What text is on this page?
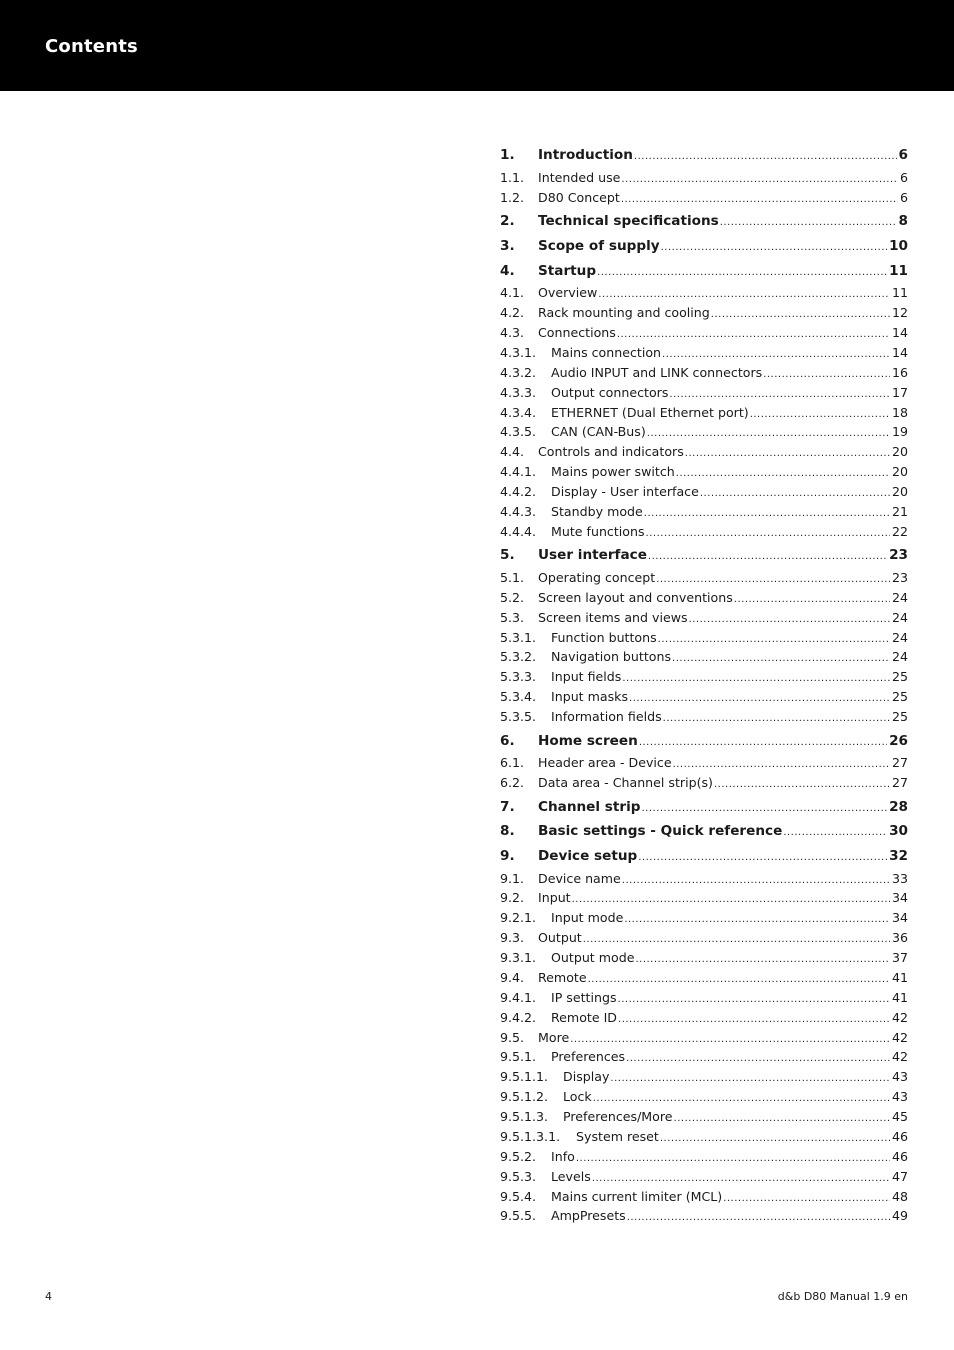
Contents
1.	Introduction .....	6
1.1.	Intended use .....	6
1.2.	D80 Concept .....	6
2.	Technical specifications .....	8
3.	Scope of supply .....	10
4.	Startup .....	11
4.1.	Overview .....	11
4.2.	Rack mounting and cooling .....	12
4.3.	Connections .....	14
4.3.1.	Mains connection .....	14
4.3.2.	Audio INPUT and LINK connectors .....	16
4.3.3.	Output connectors .....	17
4.3.4.	ETHERNET (Dual Ethernet port) .....	18
4.3.5.	CAN (CAN-Bus) .....	19
4.4.	Controls and indicators .....	20
4.4.1.	Mains power switch .....	20
4.4.2.	Display - User interface .....	20
4.4.3.	Standby mode .....	21
4.4.4.	Mute functions .....	22
5.	User interface .....	23
5.1.	Operating concept .....	23
5.2.	Screen layout and conventions .....	24
5.3.	Screen items and views .....	24
5.3.1.	Function buttons .....	24
5.3.2.	Navigation buttons .....	24
5.3.3.	Input fields .....	25
5.3.4.	Input masks .....	25
5.3.5.	Information fields .....	25
6.	Home screen .....	26
6.1.	Header area - Device .....	27
6.2.	Data area - Channel strip(s) .....	27
7.	Channel strip .....	28
8.	Basic settings - Quick reference .....	30
9.	Device setup .....	32
9.1.	Device name .....	33
9.2.	Input .....	34
9.2.1.	Input mode .....	34
9.3.	Output .....	36
9.3.1.	Output mode .....	37
9.4.	Remote .....	41
9.4.1.	IP settings .....	41
9.4.2.	Remote ID .....	42
9.5.	More .....	42
9.5.1.	Preferences .....	42
9.5.1.1.	Display .....	43
9.5.1.2.	Lock .....	43
9.5.1.3.	Preferences/More .....	45
9.5.1.3.1.	System reset .....	46
9.5.2.	Info .....	46
9.5.3.	Levels .....	47
9.5.4.	Mains current limiter (MCL) .....	48
9.5.5.	AmpPresets .....	49
4	d&b D80 Manual 1.9 en
